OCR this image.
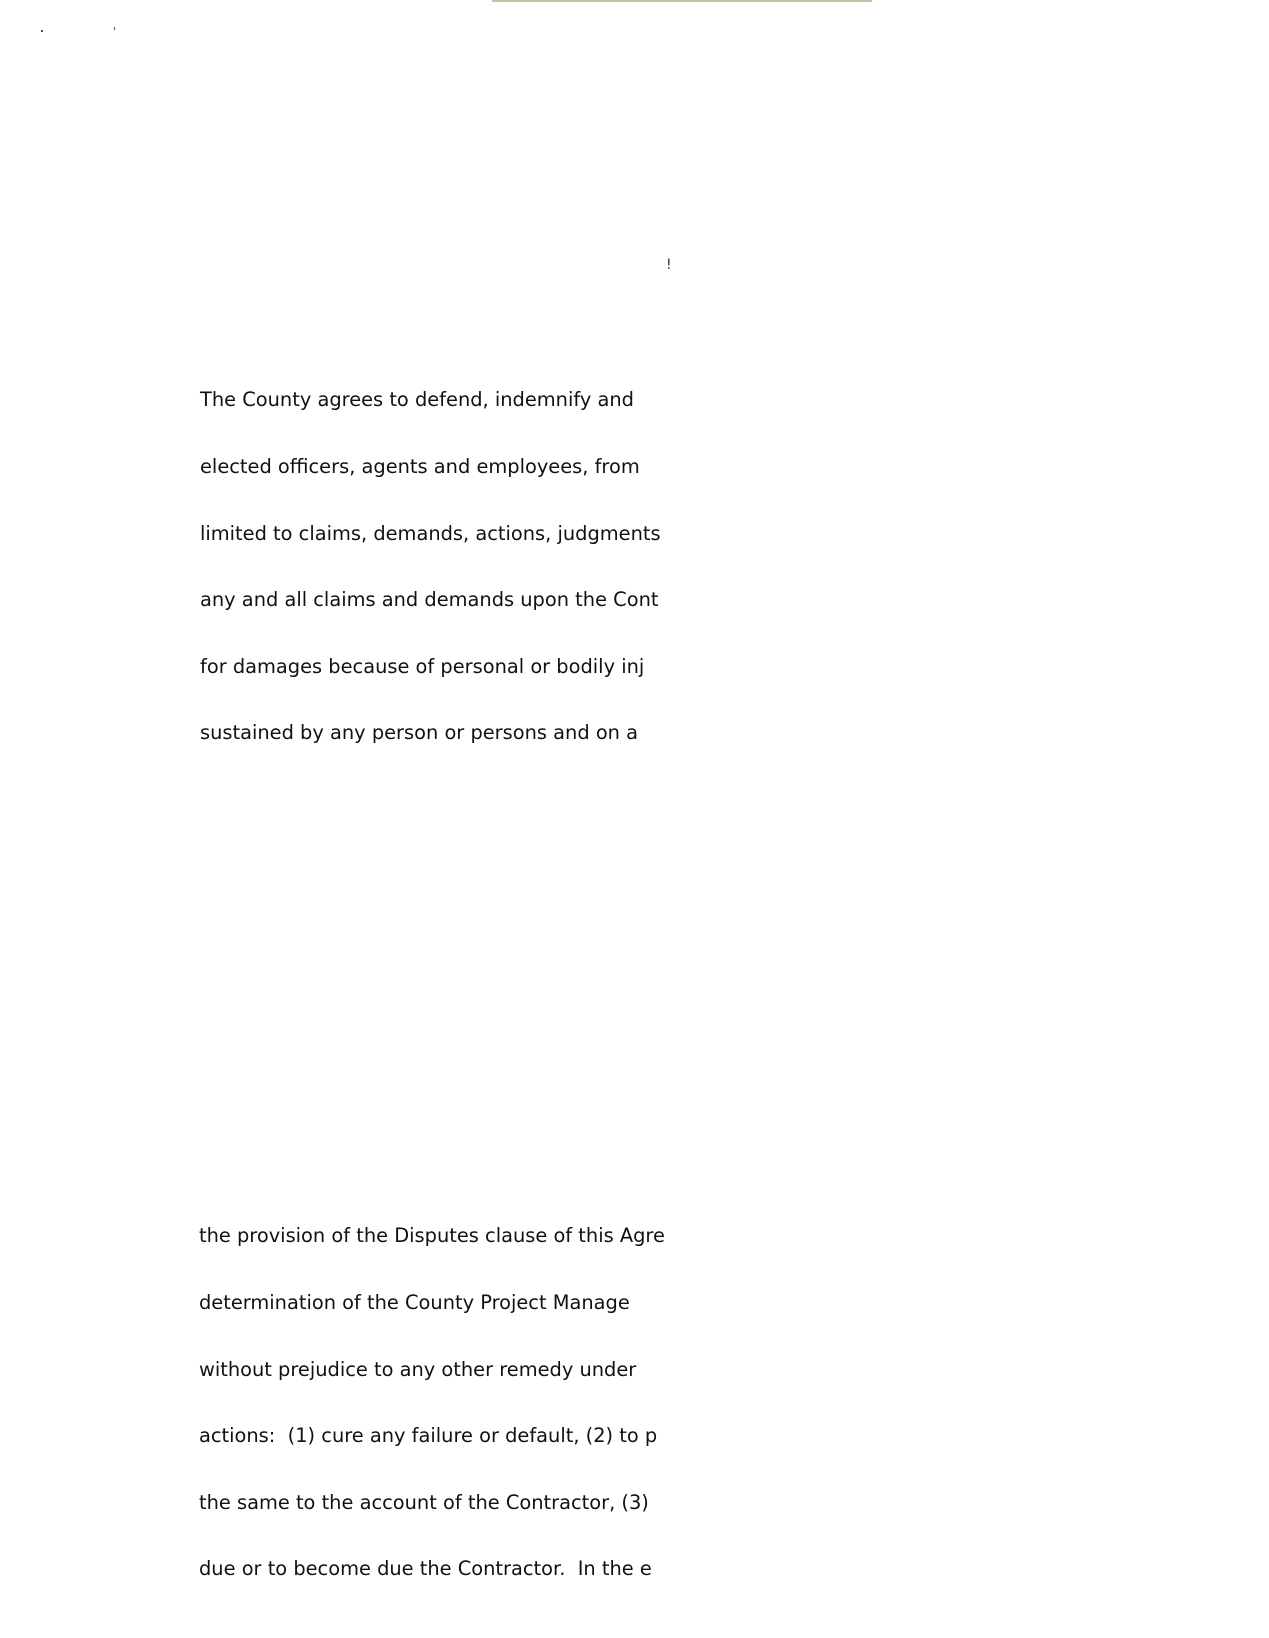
!

The County agrees to defend, indemnify and

elected officers, agents and employees, from

limited to claims, demands, actions, judgments

any and all claims and demands upon the Cont

for damages because of personal or bodily inj

sustained by any person or persons and on a

the provision of the Disputes clause of this Agre

determination of the County Project Manage

without prejudice to any other remedy under

actions:  (1) cure any failure or default, (2) to p

the same to the account of the Contractor, (3)

due or to become due the Contractor.  In the e
